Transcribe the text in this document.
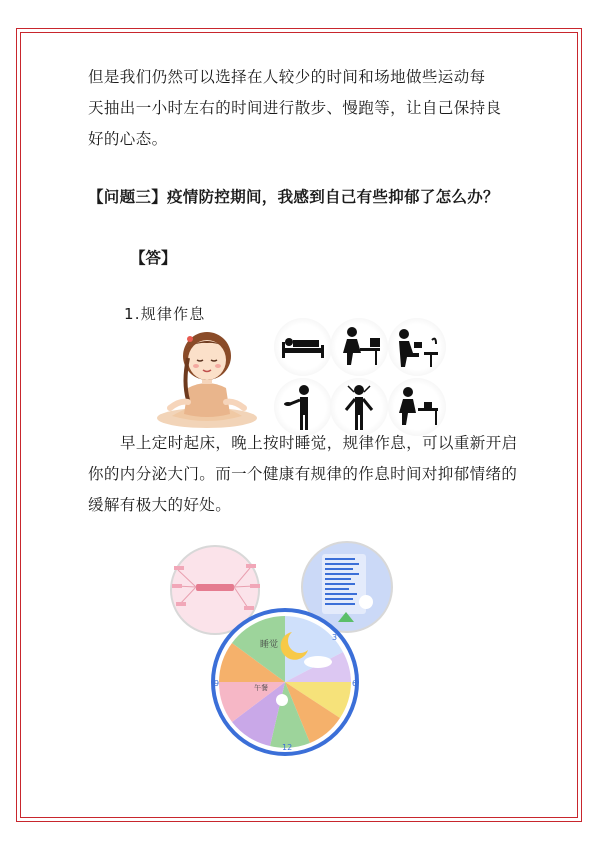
但是我们仍然可以选择在人较少的时间和场地做些运动每
天抽出一小时左右的时间进行散步、慢跑等，让自己保持良
好的心态。
【问题三】疫情防控期间，我感到自己有些抑郁了怎么办？
【答】
1.规律作息
早上定时起床，晚上按时睡觉，规律作息，可以重新开启你的内分泌大门。而一个健康有规律的作息时间对抑郁情绪的缓解有极大的好处。
睡觉
午餐
3
6
12
9
